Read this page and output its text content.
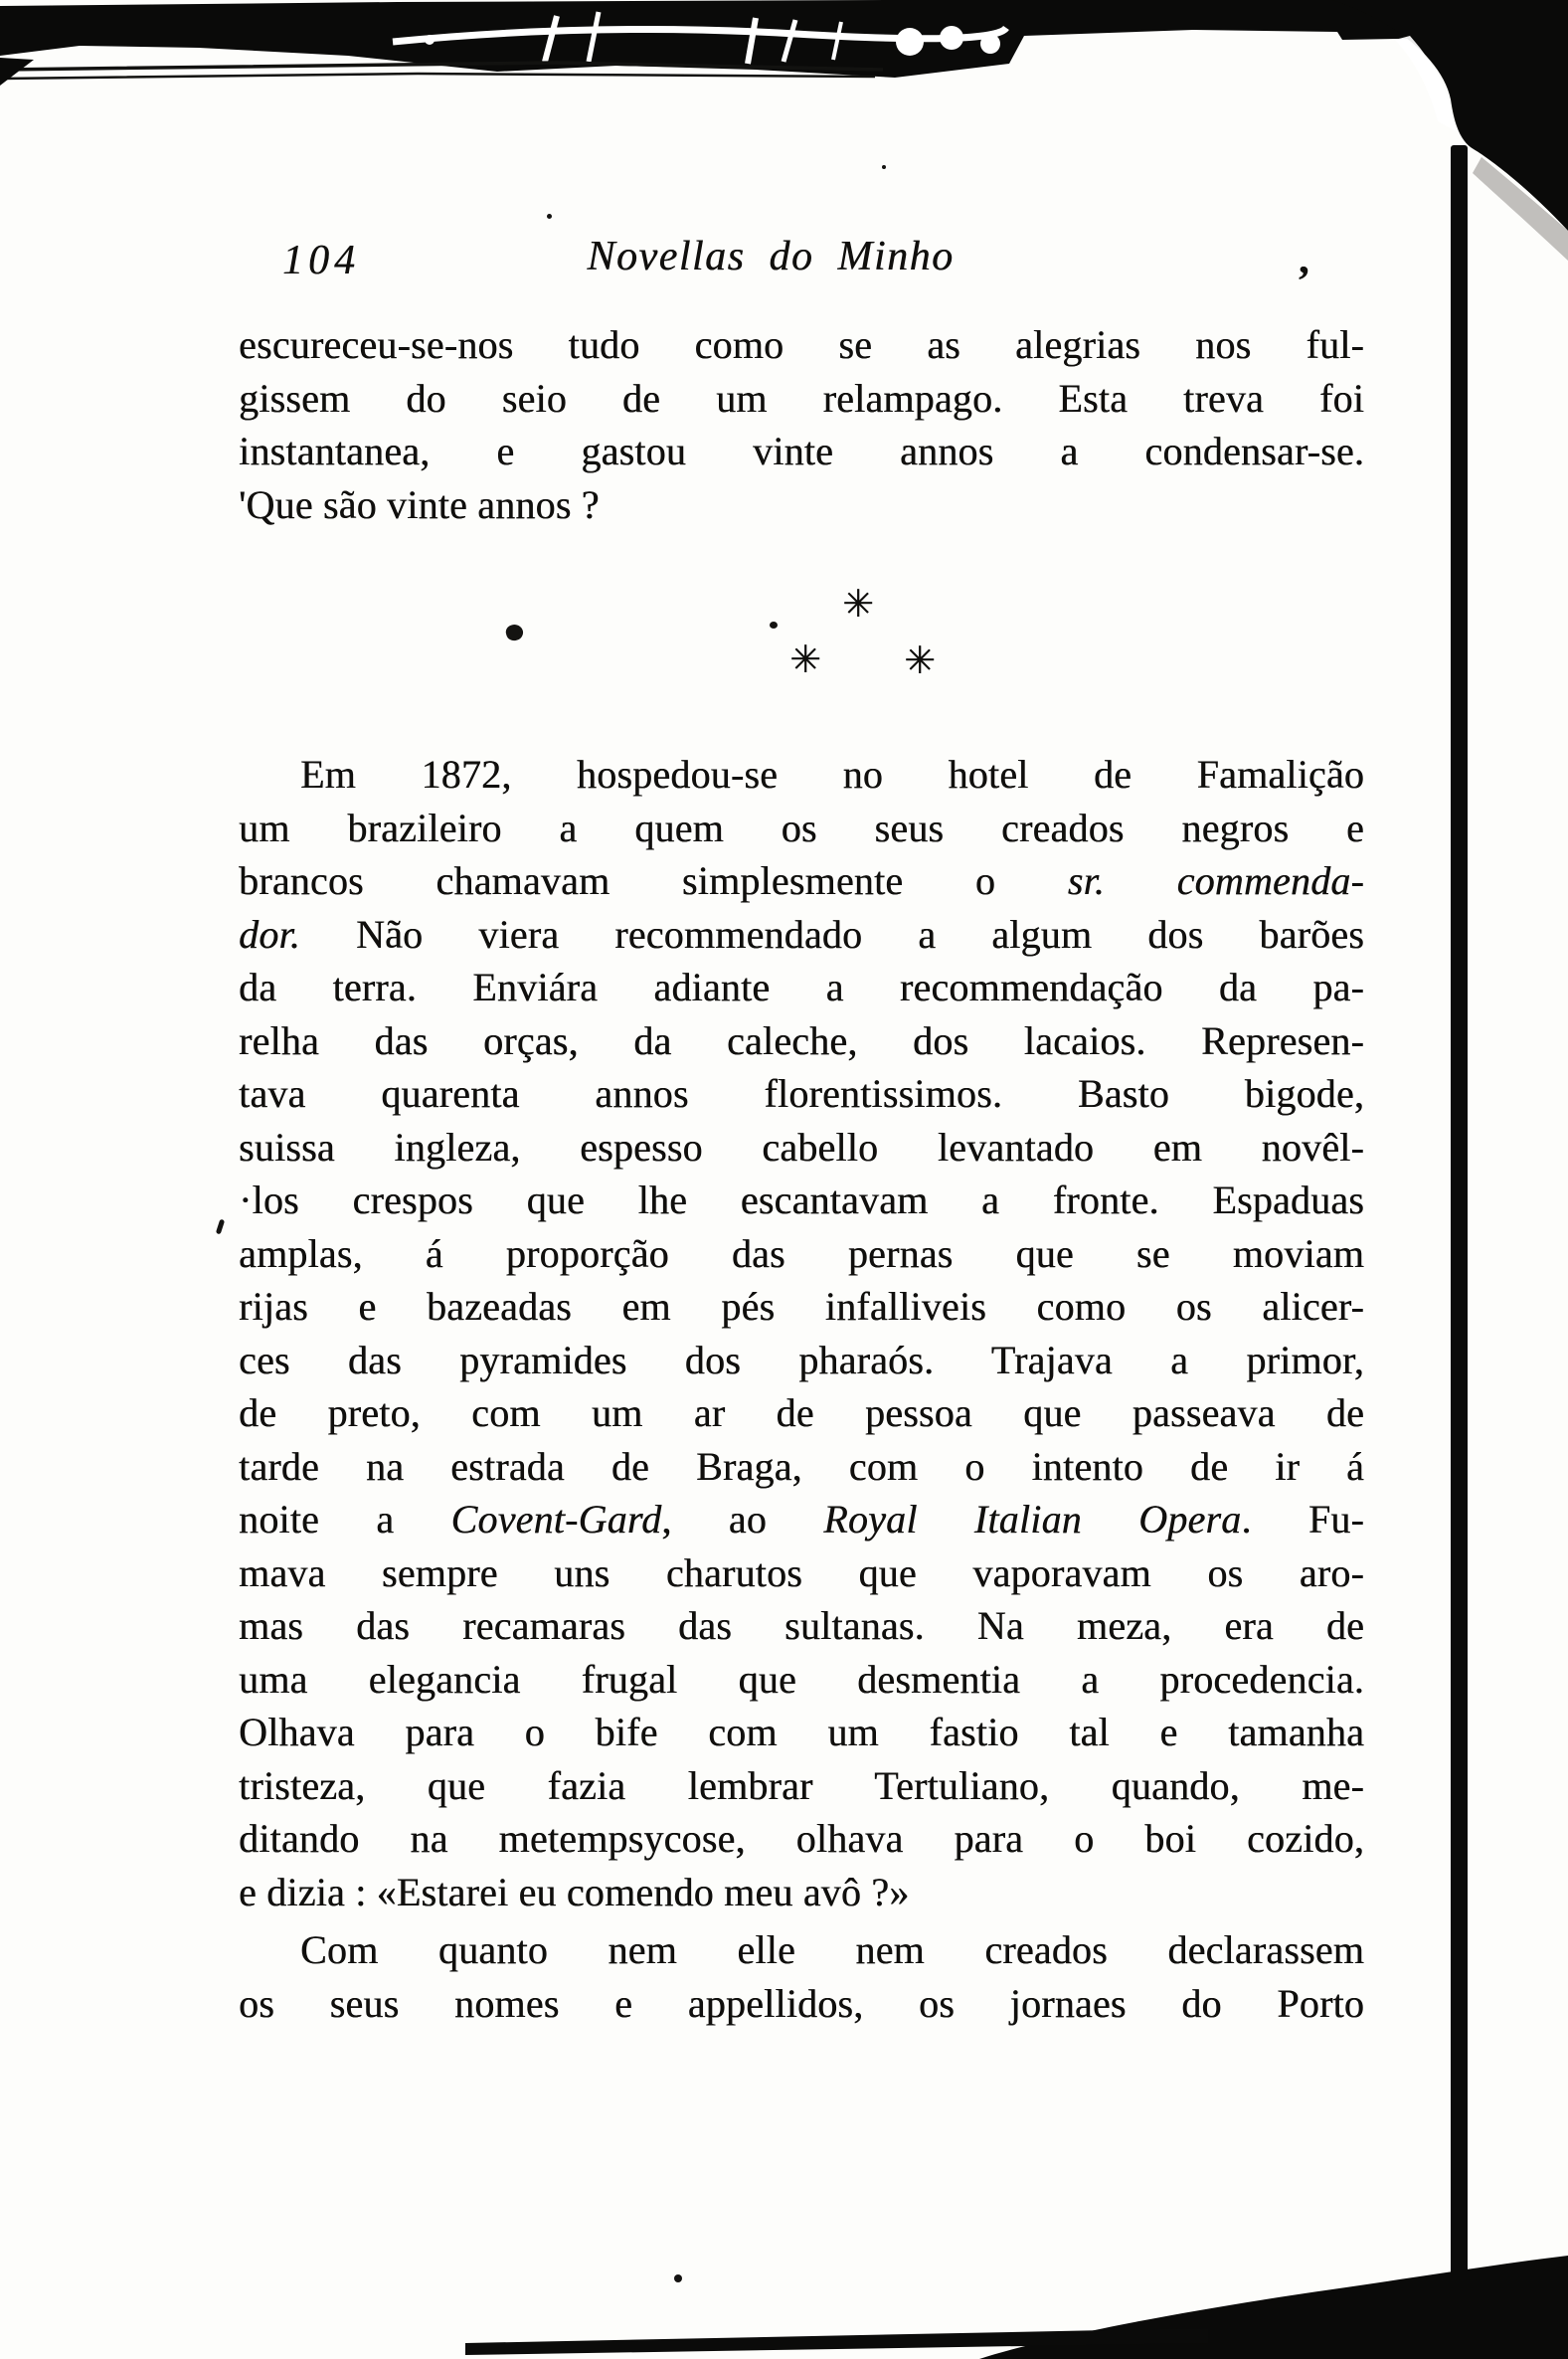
104	Novellas do Minho	,
escureceu-se-nos tudo como se as alegrias nos ful-
gissem do seio de um relampago. Esta treva foi
instantanea, e gastou vinte annos a condensar-se.
'Que são vinte annos ?
✳
✳ ✳
Em 1872, hospedou-se no hotel de Famalição
um brazileiro a quem os seus creados negros e
brancos chamavam simplesmente o sr. commenda-
dor. Não viera recommendado a algum dos barões
da terra. Enviára adiante a recommendação da pa-
relha das orças, da caleche, dos lacaios. Represen-
tava quarenta annos florentissimos. Basto bigode,
suissa ingleza, espesso cabello levantado em novêl-
·los crespos que lhe escantavam a fronte. Espaduas
amplas, á proporção das pernas que se moviam
rijas e bazeadas em pés infalliveis como os alicer-
ces das pyramides dos pharaós. Trajava a primor,
de preto, com um ar de pessoa que passeava de
tarde na estrada de Braga, com o intento de ir á
noite a Covent-Gard, ao Royal Italian Opera. Fu-
mava sempre uns charutos que vaporavam os aro-
mas das recamaras das sultanas. Na meza, era de
uma elegancia frugal que desmentia a procedencia.
Olhava para o bife com um fastio tal e tamanha
tristeza, que fazia lembrar Tertuliano, quando, me-
ditando na metempsycose, olhava para o boi cozido,
e dizia : «Estarei eu comendo meu avô ?»
Com quanto nem elle nem creados declarassem
os seus nomes e appellidos, os jornaes do Porto
